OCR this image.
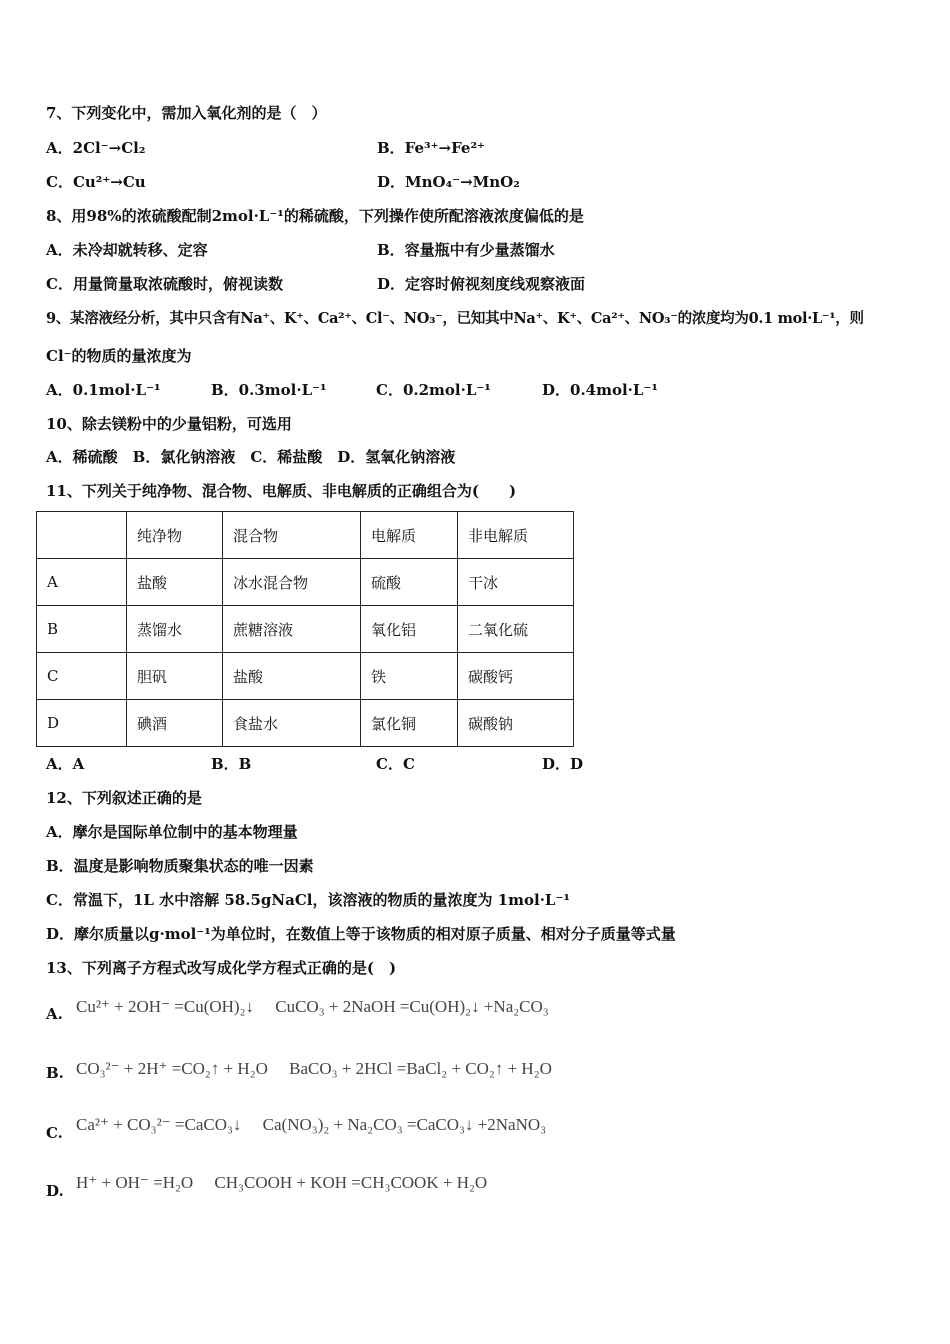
7、下列变化中，需加入氧化剂的是（　）
A．2Cl⁻→Cl₂	B．Fe³⁺→Fe²⁺
C．Cu²⁺→Cu	D．MnO₄⁻→MnO₂
8、用98%的浓硫酸配制2mol·L⁻¹的稀硫酸，下列操作使所配溶液浓度偏低的是
A．未冷却就转移、定容	B．容量瓶中有少量蒸馏水
C．用量筒量取浓硫酸时，俯视读数	D．定容时俯视刻度线观察液面
9、某溶液经分析，其中只含有Na⁺、K⁺、Ca²⁺、Cl⁻、NO₃⁻，已知其中Na⁺、K⁺、Ca²⁺、NO₃⁻的浓度均为0.1 mol·L⁻¹，则
Cl⁻的物质的量浓度为
A．0.1mol·L⁻¹	B．0.3mol·L⁻¹	C．0.2mol·L⁻¹	D．0.4mol·L⁻¹
10、除去镁粉中的少量铝粉，可选用
A．稀硫酸　B．氯化钠溶液　C．稀盐酸　D．氢氧化钠溶液
11、下列关于纯净物、混合物、电解质、非电解质的正确组合为(　　)
	纯净物	混合物	电解质	非电解质
A	盐酸	冰水混合物	硫酸	干冰
B	蒸馏水	蔗糖溶液	氧化铝	二氧化硫
C	胆矾	盐酸	铁	碳酸钙
D	碘酒	食盐水	氯化铜	碳酸钠
A．A	B．B	C．C	D．D
12、下列叙述正确的是
A．摩尔是国际单位制中的基本物理量
B．温度是影响物质聚集状态的唯一因素
C．常温下，1L 水中溶解 58.5gNaCl，该溶液的物质的量浓度为 1mol·L⁻¹
D．摩尔质量以g·mol⁻¹为单位时，在数值上等于该物质的相对原子质量、相对分子质量等式量
13、下列离子方程式改写成化学方程式正确的是(　)
A. Cu²⁺ + 2OH⁻ =Cu(OH)₂↓　 CuCO₃ + 2NaOH =Cu(OH)₂↓ +Na₂CO₃
B. CO₃²⁻ + 2H⁺ =CO₂↑ + H₂O　 BaCO₃ + 2HCl =BaCl₂ + CO₂↑ + H₂O
C. Ca²⁺ + CO₃²⁻ =CaCO₃↓　 Ca(NO₃)₂ + Na₂CO₃ =CaCO₃↓ +2NaNO₃
D. H⁺ + OH⁻ =H₂O　 CH₃COOH + KOH =CH₃COOK + H₂O
